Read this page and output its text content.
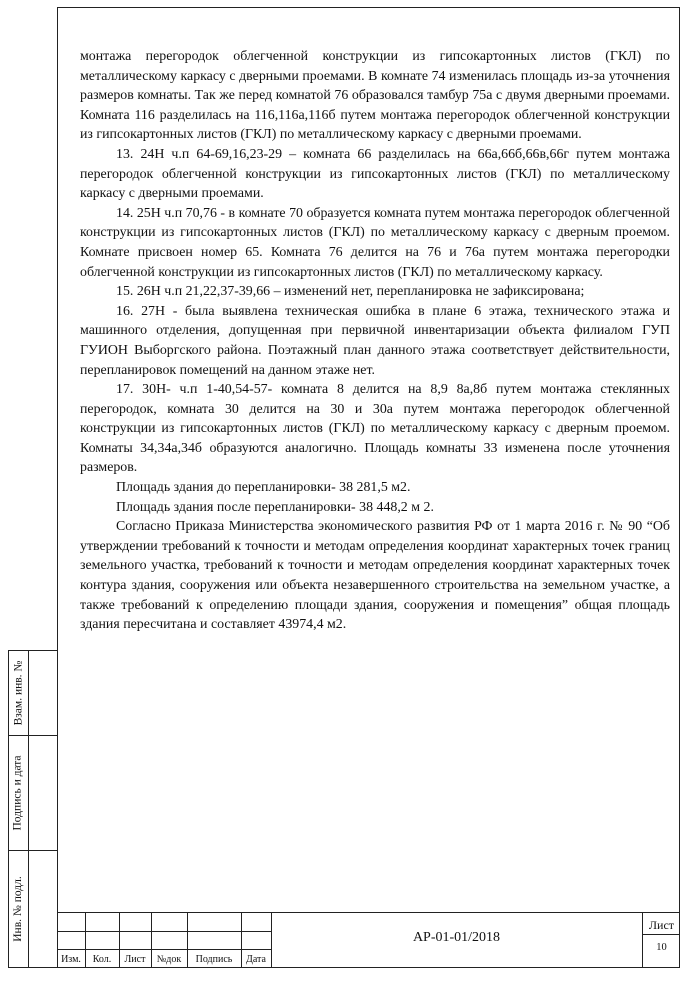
монтажа перегородок облегченной конструкции из гипсокартонных листов (ГКЛ) по металлическому каркасу с дверными проемами. В комнате 74 изменилась площадь из-за уточнения размеров комнаты. Так же перед комнатой 76 образовался тамбур 75а с двумя дверными проемами. Комната 116 разделилась на 116,116а,116б путем монтажа перегородок облегченной конструкции из гипсокартонных листов (ГКЛ) по металлическому каркасу с дверными проемами.

13. 24Н ч.п 64-69,16,23-29 – комната 66 разделилась на 66а,66б,66в,66г путем монтажа перегородок облегченной конструкции из гипсокартонных листов (ГКЛ) по металлическому каркасу с дверными проемами.

14. 25Н ч.п 70,76 - в комнате 70 образуется комната путем монтажа перегородок облегченной конструкции из гипсокартонных листов (ГКЛ) по металлическому каркасу с дверным проемом. Комнате присвоен номер 65. Комната 76 делится на 76 и 76а путем монтажа перегородки облегченной конструкции из гипсокартонных листов (ГКЛ) по металлическому каркасу.

15. 26Н ч.п 21,22,37-39,66 – изменений нет, перепланировка не зафиксирована;

16. 27Н - была выявлена техническая ошибка в плане 6 этажа, технического этажа и машинного отделения, допущенная при первичной инвентаризации объекта филиалом ГУП ГУИОН Выборгского района. Поэтажный план данного этажа соответствует действительности, перепланировок помещений на данном этаже нет.

17. 30Н- ч.п 1-40,54-57- комната 8 делится на 8,9 8а,8б путем монтажа стеклянных перегородок, комната 30 делится на 30 и 30а путем монтажа перегородок облегченной конструкции из гипсокартонных листов (ГКЛ) по металлическому каркасу с дверным проемом. Комнаты 34,34а,34б образуются аналогично. Площадь комнаты 33 изменена после уточнения размеров.

Площадь здания до перепланировки- 38 281,5 м2.

Площадь здания после перепланировки- 38 448,2 м 2.

Согласно Приказа Министерства экономического развития РФ от 1 марта 2016 г. № 90 “Об утверждении требований к точности и методам определения координат характерных точек границ земельного участка, требований к точности и методам определения координат характерных точек контура здания, сооружения или объекта незавершенного строительства на земельном участке, а также требований к определению площади здания, сооружения и помещения” общая площадь здания пересчитана и составляет 43974,4 м2.

Взам. инв. №
Подпись и дата
Инв. № подл.
Изм.	Кол.	Лист	№док	Подпись	Дата
АР-01-01/2018
Лист
10
